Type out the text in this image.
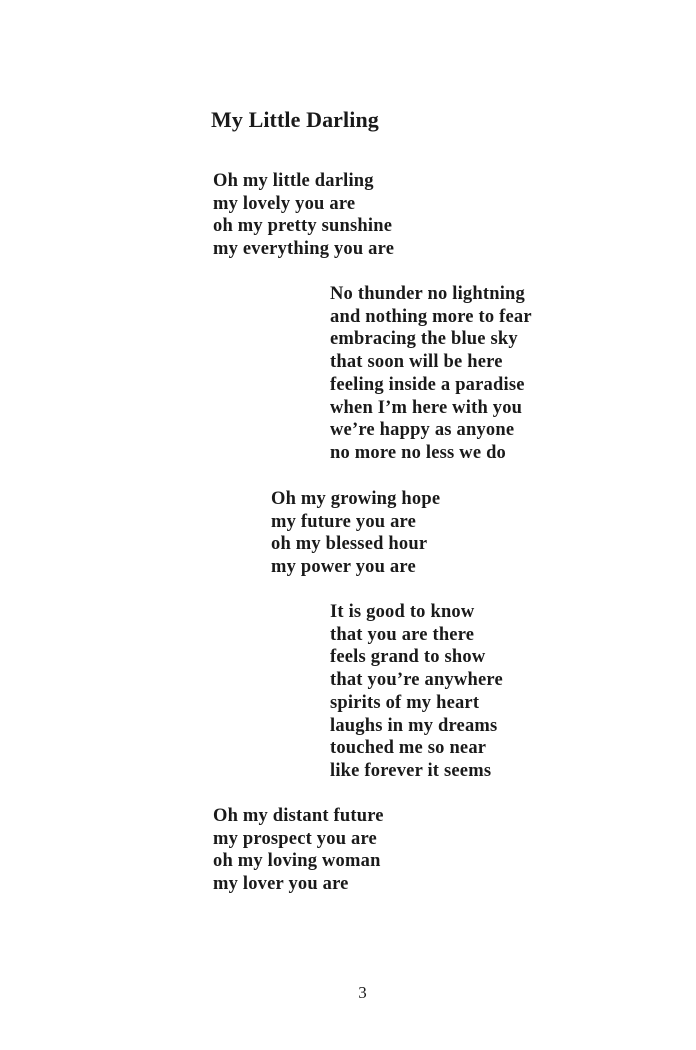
My Little Darling
Oh my little darling
my lovely you are
oh my pretty sunshine
my everything you are
No thunder no lightning
and nothing more to fear
embracing the blue sky
that soon will be here
feeling inside a paradise
when I’m here with you
we’re happy as anyone
no more no less we do
Oh my growing hope
my future you are
oh my blessed hour
my power you are
It is good to know
that you are there
feels grand to show
that you’re anywhere
spirits of my heart
laughs in my dreams
touched me so near
like forever it seems
Oh my distant future
my prospect you are
oh my loving woman
my lover you are
3
